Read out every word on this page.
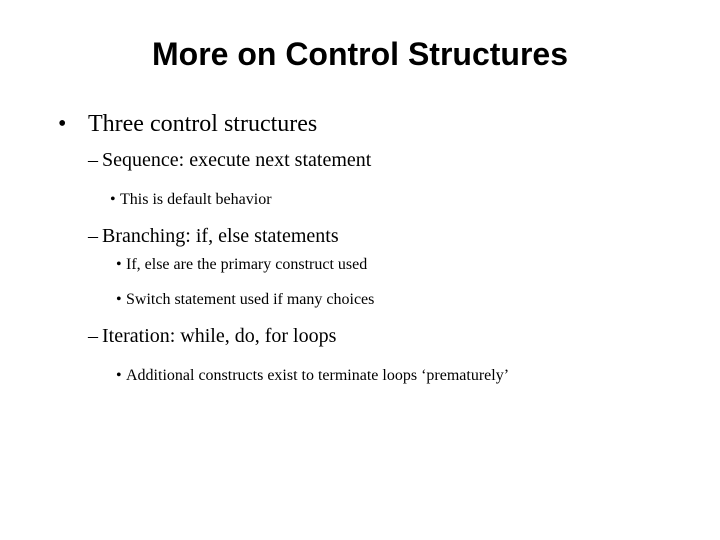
More on Control Structures
• Three control structures
– Sequence: execute next statement
• This is default behavior
– Branching: if, else statements
• If, else are the primary construct used
• Switch statement used if many choices
– Iteration: while, do, for loops
• Additional constructs exist to terminate loops ‘prematurely’
